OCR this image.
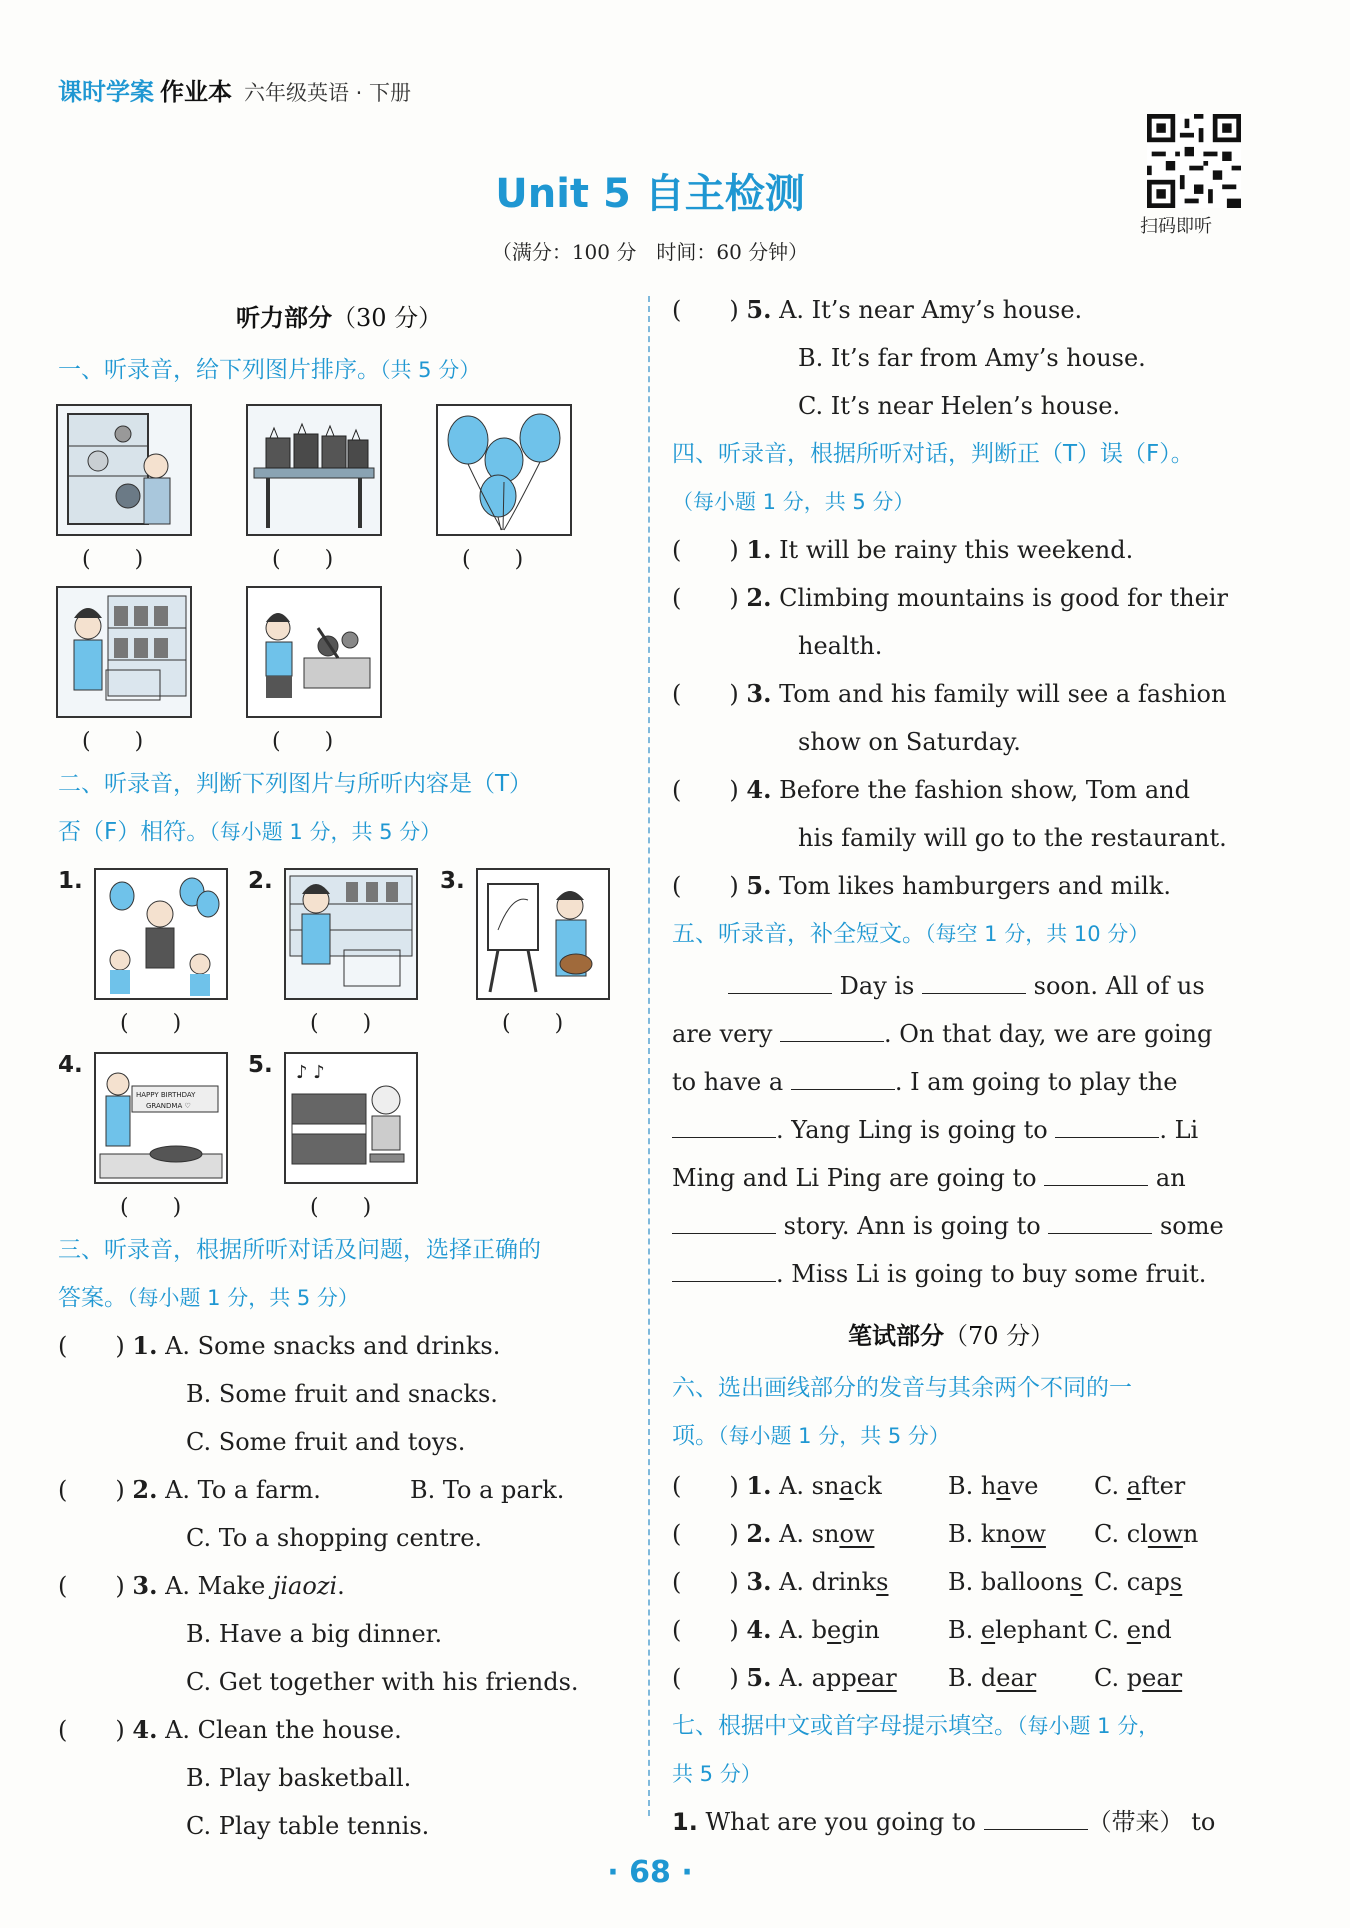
课时学案 作业本 六年级英语 · 下册
Unit 5 自主检测
（满分：100 分　时间：60 分钟）
扫码即听
听力部分（30 分）
一、听录音，给下列图片排序。（共 5 分）
(　　)	(　　)	(　　)
(　　)	(　　)
二、听录音，判断下列图片与所听内容是（T）
否（F）相符。（每小题 1 分，共 5 分）
1.	2.	3.
(　　)	(　　)	(　　)
4.
HAPPY BIRTHDAY
GRANDMA ♡
5. ♪ ♪
(　　)	(　　)
三、听录音，根据所听对话及问题，选择正确的
答案。（每小题 1 分，共 5 分）
(　　) 1. A. Some snacks and drinks.
B. Some fruit and snacks.
C. Some fruit and toys.
(　　) 2. A. To a farm.	B. To a park.
C. To a shopping centre.
(　　) 3. A. Make jiaozi.
B. Have a big dinner.
C. Get together with his friends.
(　　) 4. A. Clean the house.
B. Play basketball.
C. Play table tennis.
(　　) 5. A. It’s near Amy’s house.
B. It’s far from Amy’s house.
C. It’s near Helen’s house.
四、听录音，根据所听对话，判断正（T）误（F）。
（每小题 1 分，共 5 分）
(　　) 1. It will be rainy this weekend.
(　　) 2. Climbing mountains is good for their
health.
(　　) 3. Tom and his family will see a fashion
show on Saturday.
(　　) 4. Before the fashion show, Tom and
his family will go to the restaurant.
(　　) 5. Tom likes hamburgers and milk.
五、听录音，补全短文。（每空 1 分，共 10 分）
Day is	soon. All of us
are very	. On that day, we are going
to have a	. I am going to play the
. Yang Ling is going to	. Li
Ming and Li Ping are going to	an
story. Ann is going to	some
. Miss Li is going to buy some fruit.
笔试部分（70 分）
六、选出画线部分的发音与其余两个不同的一
项。（每小题 1 分，共 5 分）
(　　) 1. A. snack	B. have C. after
(　　) 2. A. snow	B. know C. clown
(　　) 3. A. drinks B. balloons C. caps
(　　) 4. A. begin	B. elephant C. end
(　　) 5. A. appear B. dear C. pear
七、根据中文或首字母提示填空。（每小题 1 分，
共 5 分）
1. What are you going to	（带来） to
· 68 ·
